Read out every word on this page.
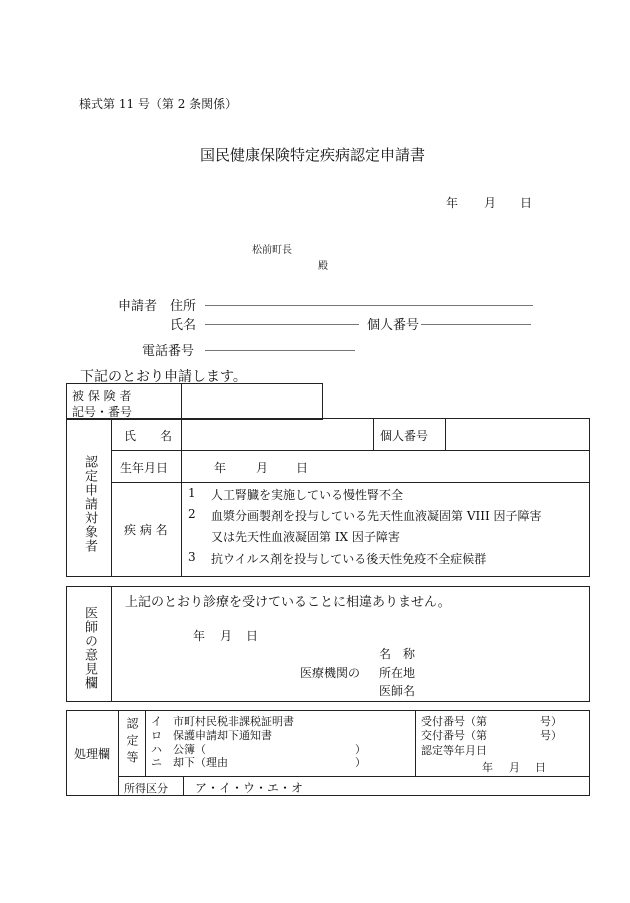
様式第 11 号（第 2 条関係）
国民健康保険特定疾病認定申請書
年 月 日
松前町長
殿
申請者 住所
氏名	個人番号
電話番号
下記のとおり申請します。
被 保 険 者
記号・番号
認定申請対象者
氏　　名	個人番号
生年月日	年 月 日
疾 病 名
1 人工腎臓を実施している慢性腎不全
2 血漿分画製剤を投与している先天性血液凝固第 VIII 因子障害
又は先天性血液凝固第 IX 因子障害
3 抗ウイルス剤を投与している後天性免疫不全症候群
医師の意見欄
上記のとおり診療を受けていることに相違ありません。
年 月 日
名　称
医療機関の 所在地
医師名
処理欄 認定等 イ 市町村民税非課税証明書
ロ 保護申請却下通知書
ハ 公簿（	）
ニ 却下（理由	）
受付番号（第	号）
交付番号（第	号）
認定等年月日
年 月 日
所得区分 ア・イ・ウ・エ・オ
